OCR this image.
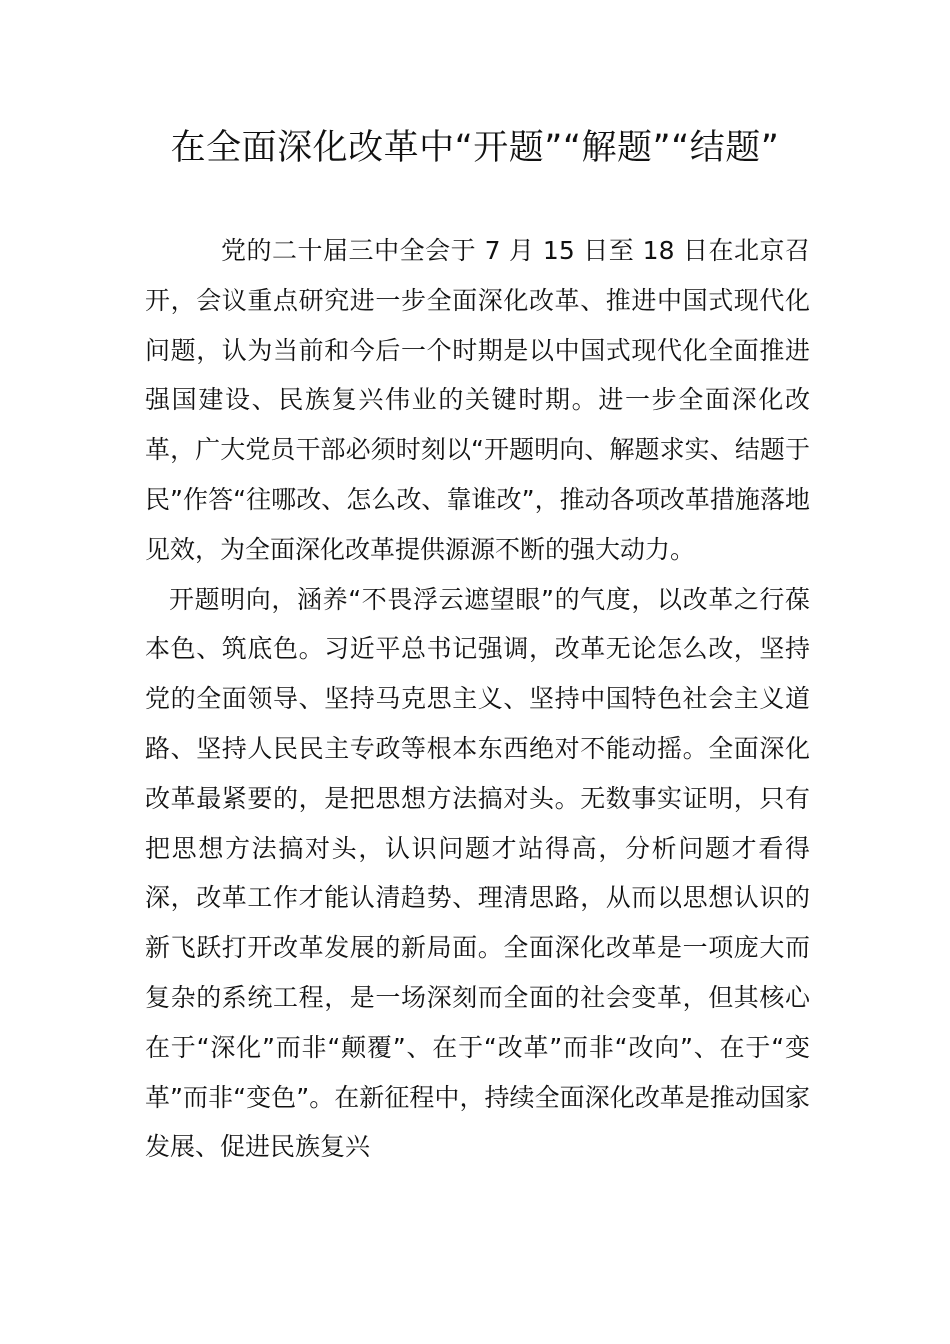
在全面深化改革中“开题”“解题”“结题”

党的二十届三中全会于 7 月 15 日至 18 日在北京召开，会议重点研究进一步全面深化改革、推进中国式现代化问题，认为当前和今后一个时期是以中国式现代化全面推进强国建设、民族复兴伟业的关键时期。进一步全面深化改革，广大党员干部必须时刻以“开题明向、解题求实、结题于民”作答“往哪改、怎么改、靠谁改”，推动各项改革措施落地见效，为全面深化改革提供源源不断的强大动力。

开题明向，涵养“不畏浮云遮望眼”的气度，以改革之行葆本色、筑底色。习近平总书记强调，改革无论怎么改，坚持党的全面领导、坚持马克思主义、坚持中国特色社会主义道路、坚持人民民主专政等根本东西绝对不能动摇。全面深化改革最紧要的，是把思想方法搞对头。无数事实证明，只有把思想方法搞对头，认识问题才站得高，分析问题才看得深，改革工作才能认清趋势、理清思路，从而以思想认识的新飞跃打开改革发展的新局面。全面深化改革是一项庞大而复杂的系统工程，是一场深刻而全面的社会变革，但其核心在于“深化”而非“颠覆”、在于“改革”而非“改向”、在于“变革”而非“变色”。在新征程中，持续全面深化改革是推动国家发展、促进民族复兴
